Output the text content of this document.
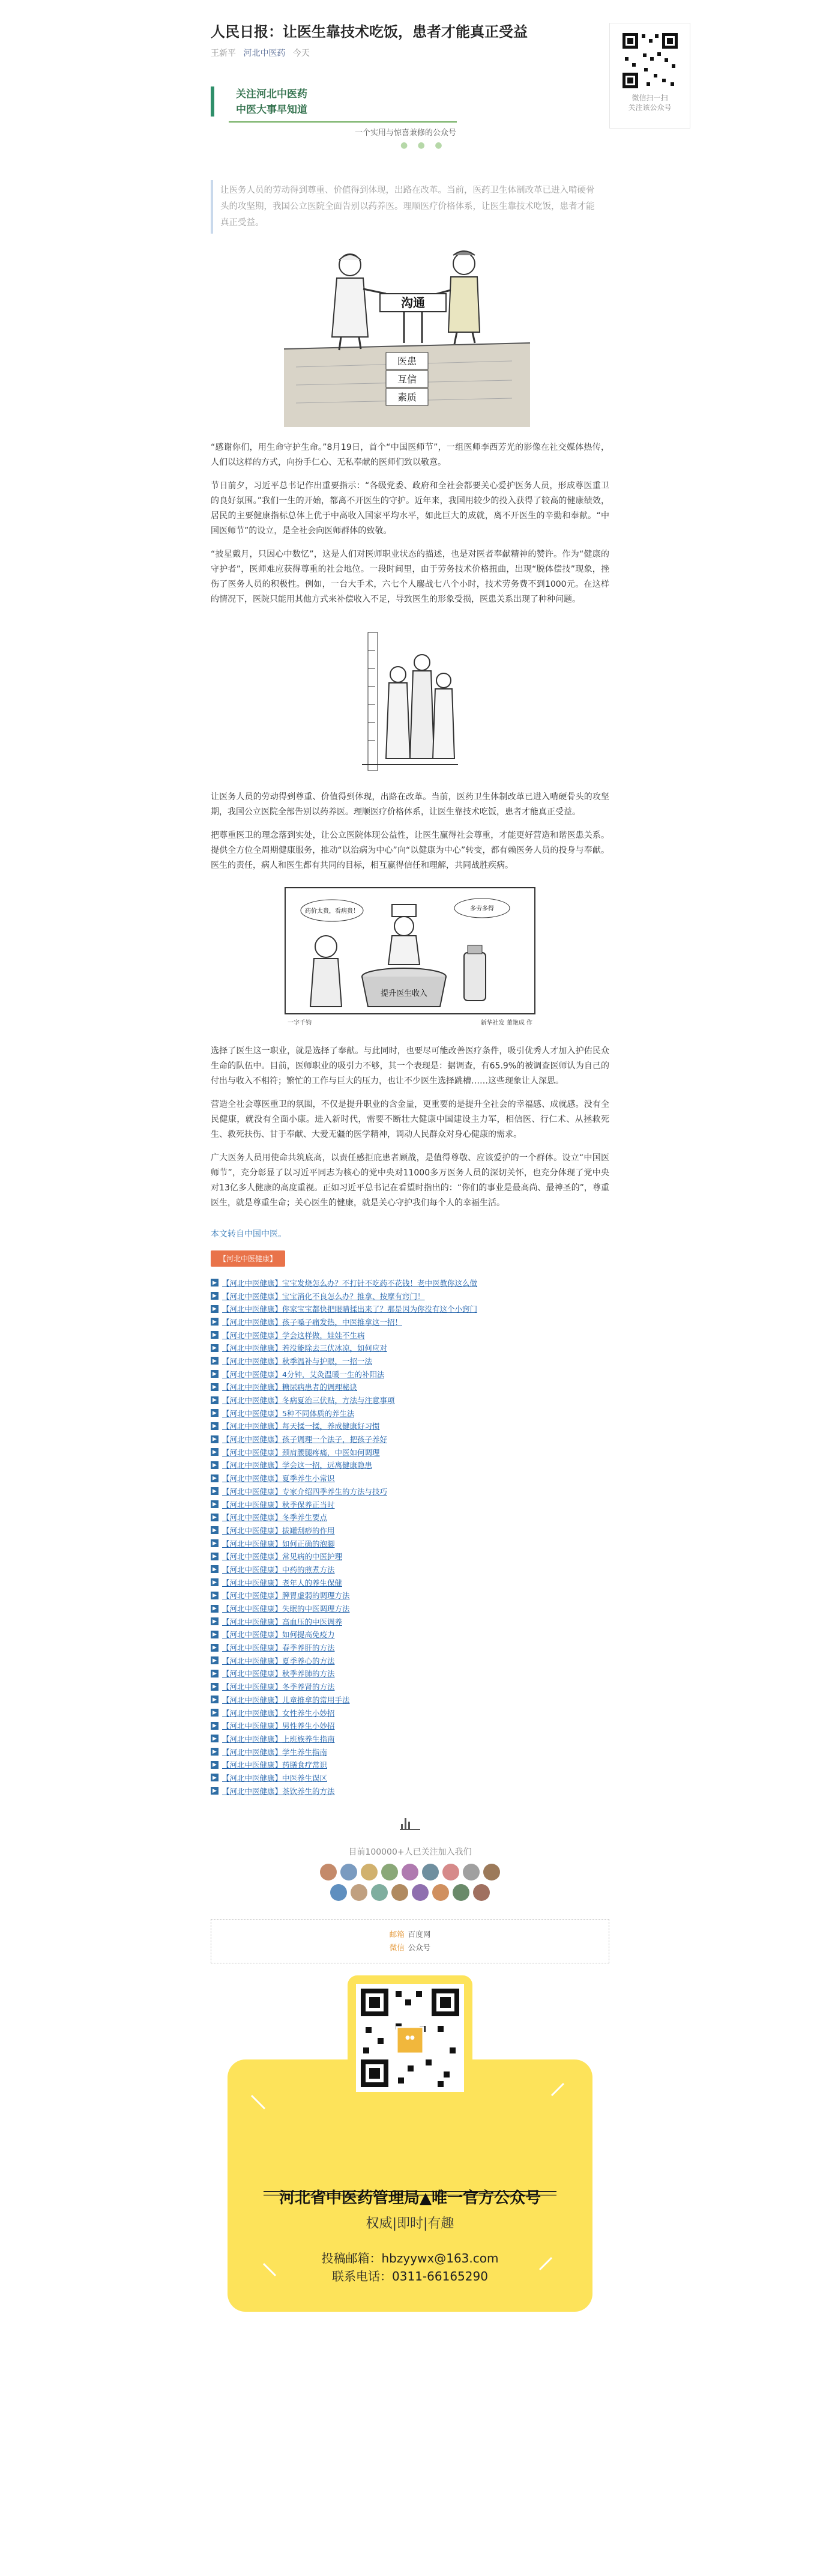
人民日报：让医生靠技术吃饭，患者才能真正受益
王新平 河北中医药 今天
关注河北中医药
中医大事早知道
一个实用与惊喜兼修的公众号
● ● ●
让医务人员的劳动得到尊重、价值得到体现，出路在改革。当前，医药卫生体制改革已进入啃硬骨头的攻坚期，我国公立医院全面告别以药养医。理顺医疗价格体系，让医生靠技术吃饭，患者才能真正受益。
沟通
医患
互信
素质

“感谢你们，用生命守护生命。”8月19日，首个“中国医师节”，一组医师李西芳光的影像在社交媒体热传，人们以这样的方式，向扮手仁心、无私奉献的医师们致以敬意。

节日前夕，习近平总书记作出重要指示：“各级党委、政府和全社会都要关心爱护医务人员，形成尊医重卫的良好氛围。”我们一生的开始，都离不开医生的守护。近年来，我国用较少的投入获得了较高的健康绩效，居民的主要健康指标总体上优于中高收入国家平均水平，如此巨大的成就，离不开医生的辛勤和奉献。“中国医师节”的设立，是全社会向医师群体的致敬。

“披星戴月，只因心中数忆”，这是人们对医师职业状态的描述，也是对医者奉献精神的赞许。作为“健康的守护者”，医师难应获得尊重的社会地位。一段时间里，由于劳务技术价格扭曲，出现“脱体偿技”现象，挫伤了医务人员的积极性。例如，一台大手术，六七个人鏖战七八个小时，技术劳务费不到1000元。在这样的情况下，医院只能用其他方式来补偿收入不足，导致医生的形象受损，医患关系出现了种种问题。

让医务人员的劳动得到尊重、价值得到体现，出路在改革。当前，医药卫生体制改革已进入啃硬骨头的攻坚期，我国公立医院全部告别以药养医。理顺医疗价格体系，让医生靠技术吃饭，患者才能真正受益。

把尊重医卫的理念落到实处，让公立医院体现公益性，让医生赢得社会尊重，才能更好营造和谐医患关系。提供全方位全周期健康服务，推动“以治病为中心”向“以健康为中心”转变，都有赖医务人员的投身与奉献。医生的责任，病人和医生都有共同的目标，相互赢得信任和理解，共同战胜疾病。

药价太贵，看病贵！	多劳多得
提升医生收入
一字千钧	新华社发 董艳成 作

选择了医生这一职业，就是选择了奉献。与此同时，也要尽可能改善医疗条件，吸引优秀人才加入护佑民众生命的队伍中。目前，医师职业的吸引力不够，其一个表现是：据调查，有65.9%的被调查医师认为自己的付出与收入不相符；繁忙的工作与巨大的压力，也让不少医生选择跳槽……这些现象让人深思。

营造全社会尊医重卫的氛围，不仅是提升职业的含金量，更重要的是提升全社会的幸福感、成就感。没有全民健康，就没有全面小康。进入新时代，需要不断壮大健康中国建设主力军，相信医、行仁术、从拯救死生、救死扶伤、甘于奉献、大爱无疆的医学精神，调动人民群众对身心健康的需求。

广大医务人员用使命共筑底高，以责任感拒庇患者顾战，是值得尊敬、应该爱护的一个群体。设立“中国医师节”，充分彰显了以习近平同志为核心的党中央对11000多万医务人员的深切关怀，也充分体现了党中央对13亿多人健康的高度重视。正如习近平总书记在看望时指出的：“你们的事业是最高尚、最神圣的”，尊重医生，就是尊重生命；关心医生的健康，就是关心守护我们每个人的幸福生活。

本文转自中国中医。

【河北中医健康】
【河北中医健康】宝宝发烧怎么办？不打针不吃药不花钱！老中医教你这么做
【河北中医健康】宝宝消化不良怎么办？推拿、按摩有窍门！
【河北中医健康】你家宝宝都快把眼睛揉出来了？那是因为你没有这个小窍门
【河北中医健康】孩子嗓子痛发热，中医推拿这一招！
【河北中医健康】学会这样做，娃娃不生病
【河北中医健康】若没能除去三伏冰凉，如何应对
【河北中医健康】秋季温补与护眼，一招一法
【河北中医健康】4分钟，艾灸温暖一生的补阳法
【河北中医健康】糖尿病患者的调理秘诀
【河北中医健康】冬病夏治三伏贴，方法与注意事项
【河北中医健康】5种不同体质的养生法
【河北中医健康】每天揉一揉，养成健康好习惯
【河北中医健康】孩子调理一个法子，把孩子养好
【河北中医健康】颈肩腰腿疼痛，中医如何调理
【河北中医健康】学会这一招，远离健康隐患
【河北中医健康】夏季养生小常识
【河北中医健康】专家介绍四季养生的方法与技巧
【河北中医健康】秋季保养正当时
【河北中医健康】冬季养生要点
【河北中医健康】拔罐刮痧的作用
【河北中医健康】如何正确的泡脚
【河北中医健康】常见病的中医护理
【河北中医健康】中药的煎煮方法
【河北中医健康】老年人的养生保健
【河北中医健康】脾胃虚弱的调理方法
【河北中医健康】失眠的中医调理方法
【河北中医健康】高血压的中医调养
【河北中医健康】如何提高免疫力
【河北中医健康】春季养肝的方法
【河北中医健康】夏季养心的方法
【河北中医健康】秋季养肺的方法
【河北中医健康】冬季养肾的方法
【河北中医健康】儿童推拿的常用手法
【河北中医健康】女性养生小妙招
【河北中医健康】男性养生小妙招
【河北中医健康】上班族养生指南
【河北中医健康】学生养生指南
【河北中医健康】药膳食疗常识
【河北中医健康】中医养生误区
【河北中医健康】茶饮养生的方法
目前100000+人已关注加入我们
邮箱 百度网
微信 公众号
●●
河北省中医药管理局▲唯一官方公众号
权威|即时|有趣
投稿邮箱：hbzyywx@163.com
联系电话：0311-66165290

微信扫一扫

关注该公众号
